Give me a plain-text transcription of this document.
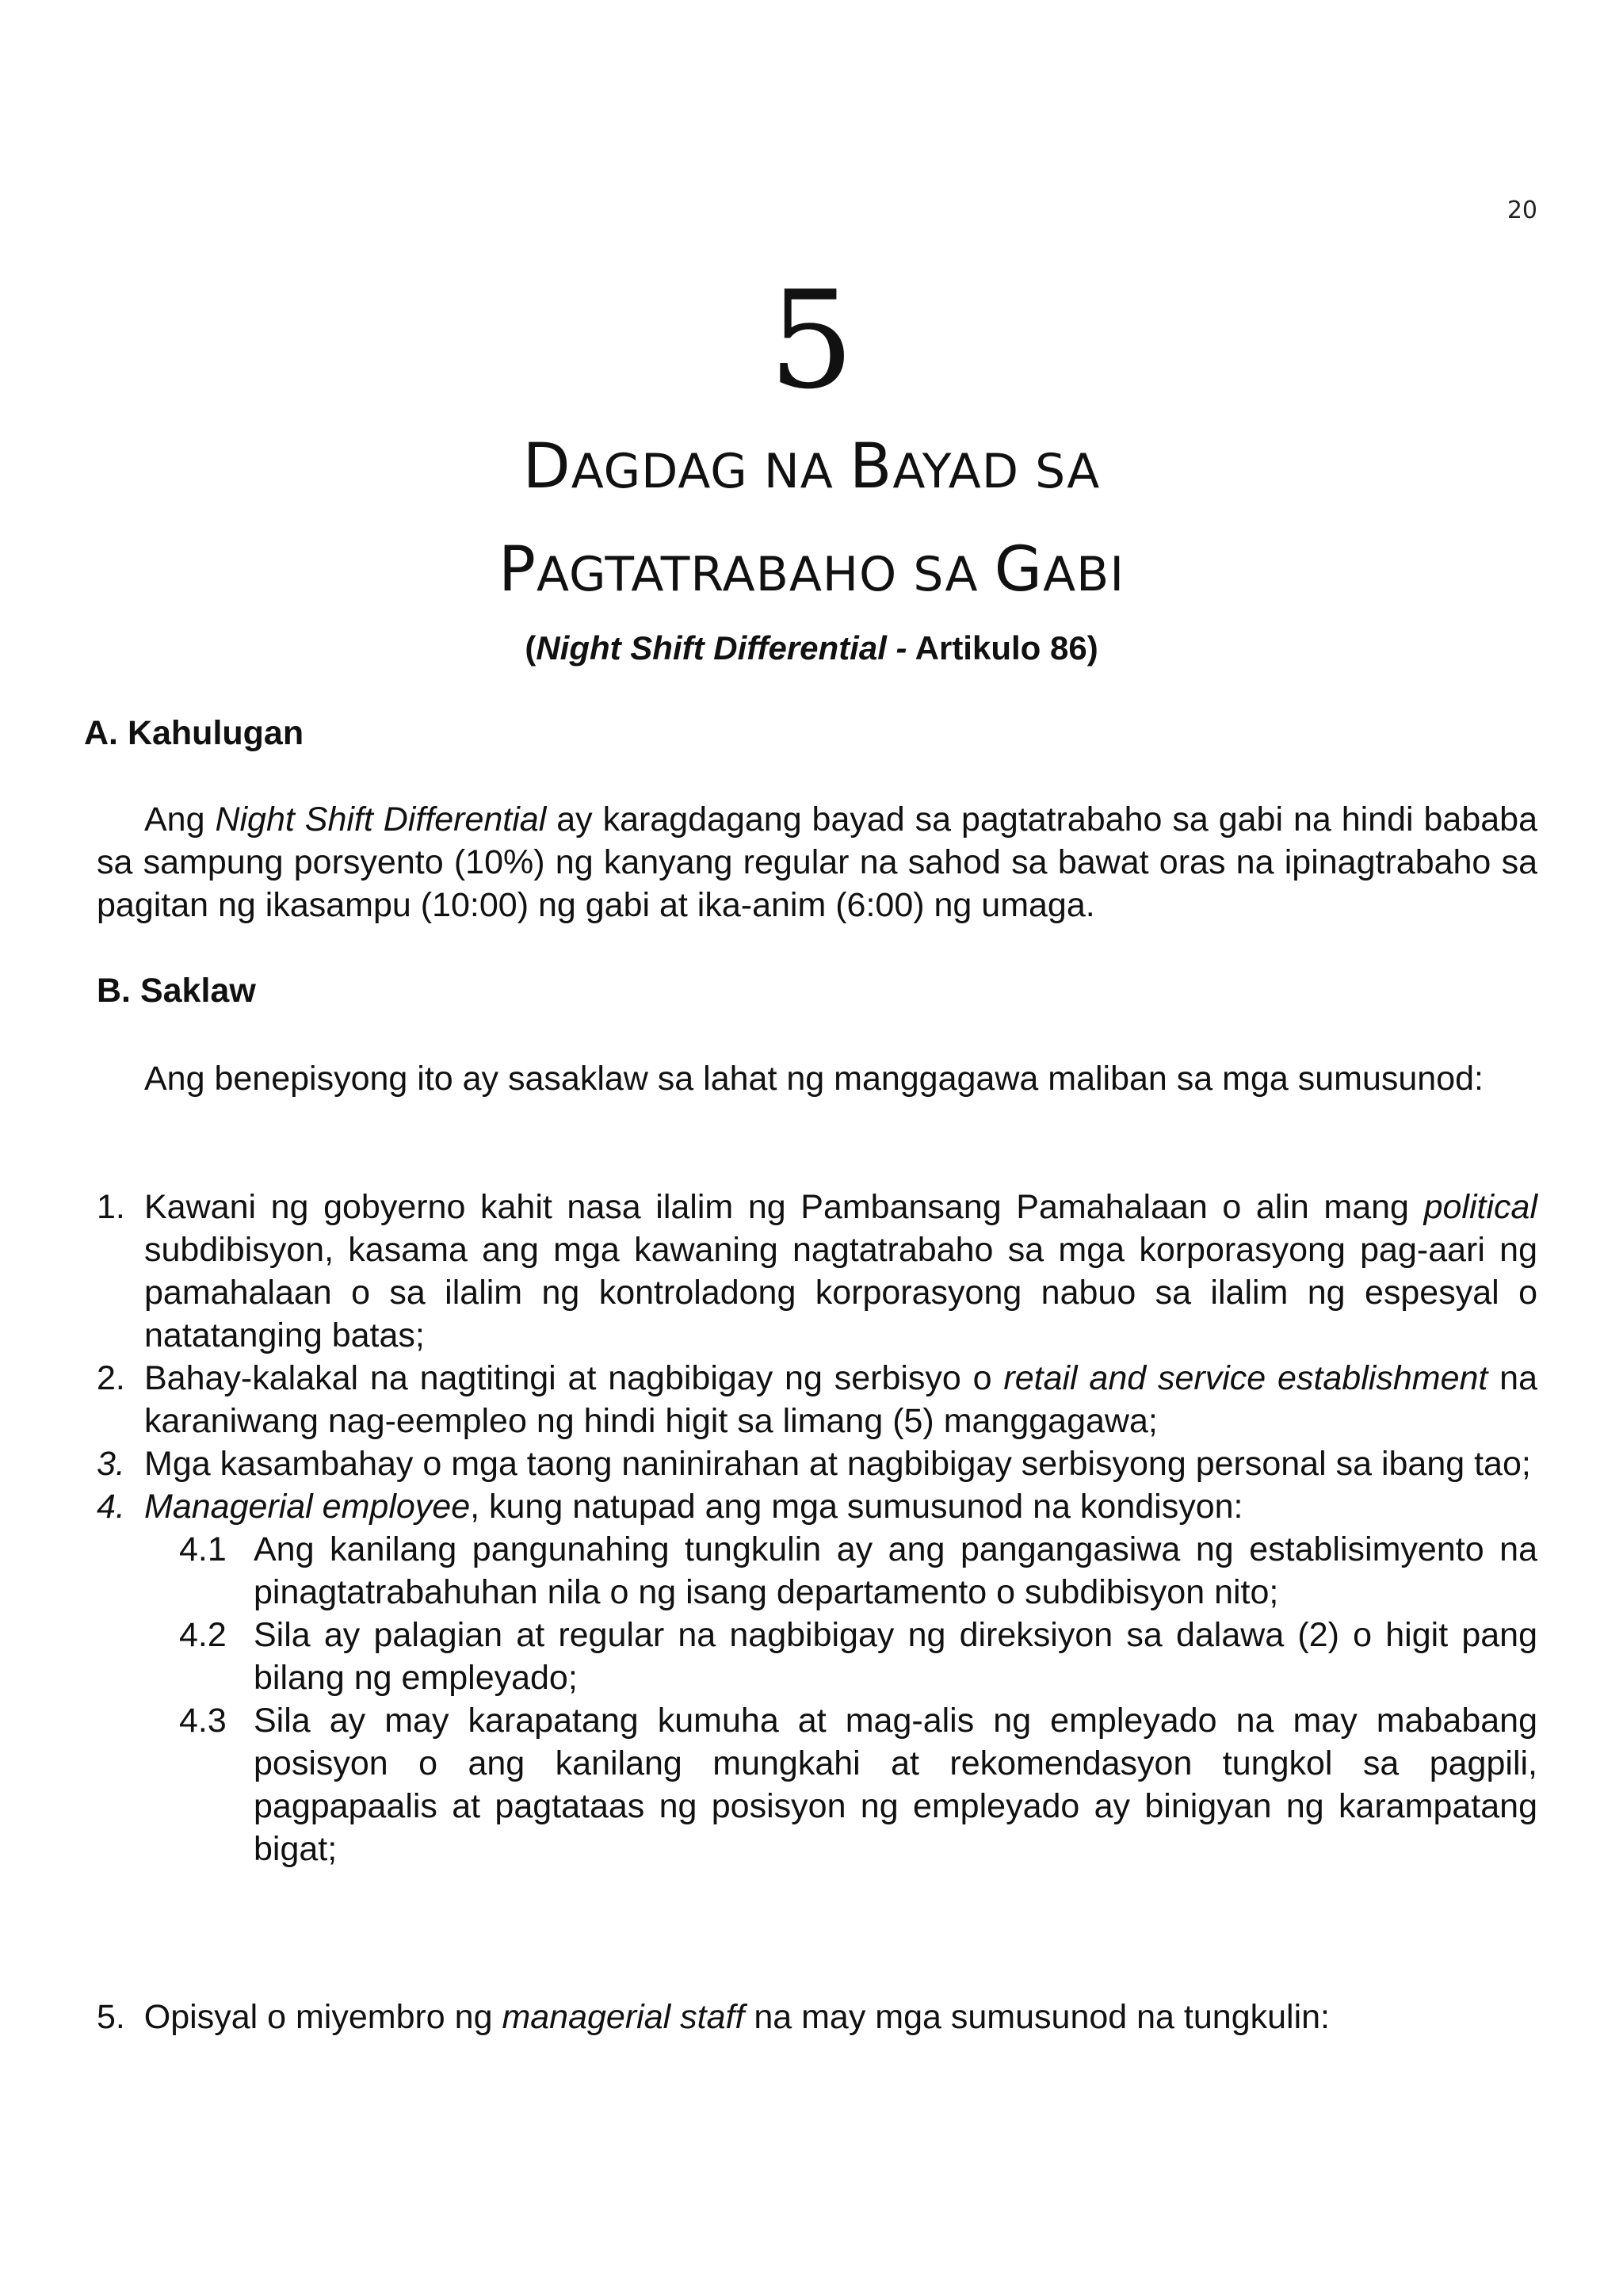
20
5
DAGDAG NA BAYAD SA
PAGTATRABAHO SA GABI
(Night Shift Differential - Artikulo 86)
A. Kahulugan
Ang Night Shift Differential ay karagdagang bayad sa pagtatrabaho sa gabi na hindi bababa sa sampung porsyento (10%) ng kanyang regular na sahod sa bawat oras na ipinagtrabaho sa pagitan ng ikasampu (10:00) ng gabi at ika-anim (6:00) ng umaga.
B. Saklaw
Ang benepisyong ito ay sasaklaw sa lahat ng manggagawa maliban sa mga sumusunod:
1. Kawani ng gobyerno kahit nasa ilalim ng Pambansang Pamahalaan o alin mang political subdibisyon, kasama ang mga kawaning nagtatrabaho sa mga korporasyong pag-aari ng pamahalaan o sa ilalim ng kontroladong korporasyong nabuo sa ilalim ng espesyal o natatanging batas;
2. Bahay-kalakal na nagtitingi at nagbibigay ng serbisyo o retail and service establishment na karaniwang nag-eempleo ng hindi higit sa limang (5) manggagawa;
3. Mga kasambahay o mga taong naninirahan at nagbibigay serbisyong personal sa ibang tao;
4. Managerial employee, kung natupad ang mga sumusunod na kondisyon:
4.1 Ang kanilang pangunahing tungkulin ay ang pangangasiwa ng establisimyento na pinagtatrabahuhan nila o ng isang departamento o subdibisyon nito;
4.2 Sila ay palagian at regular na nagbibigay ng direksiyon sa dalawa (2) o higit pang bilang ng empleyado;
4.3 Sila ay may karapatang kumuha at mag-alis ng empleyado na may mababang posisyon o ang kanilang mungkahi at rekomendasyon tungkol sa pagpili, pagpapaalis at pagtataas ng posisyon ng empleyado ay binigyan ng karampatang bigat;
5. Opisyal o miyembro ng managerial staff na may mga sumusunod na tungkulin:
